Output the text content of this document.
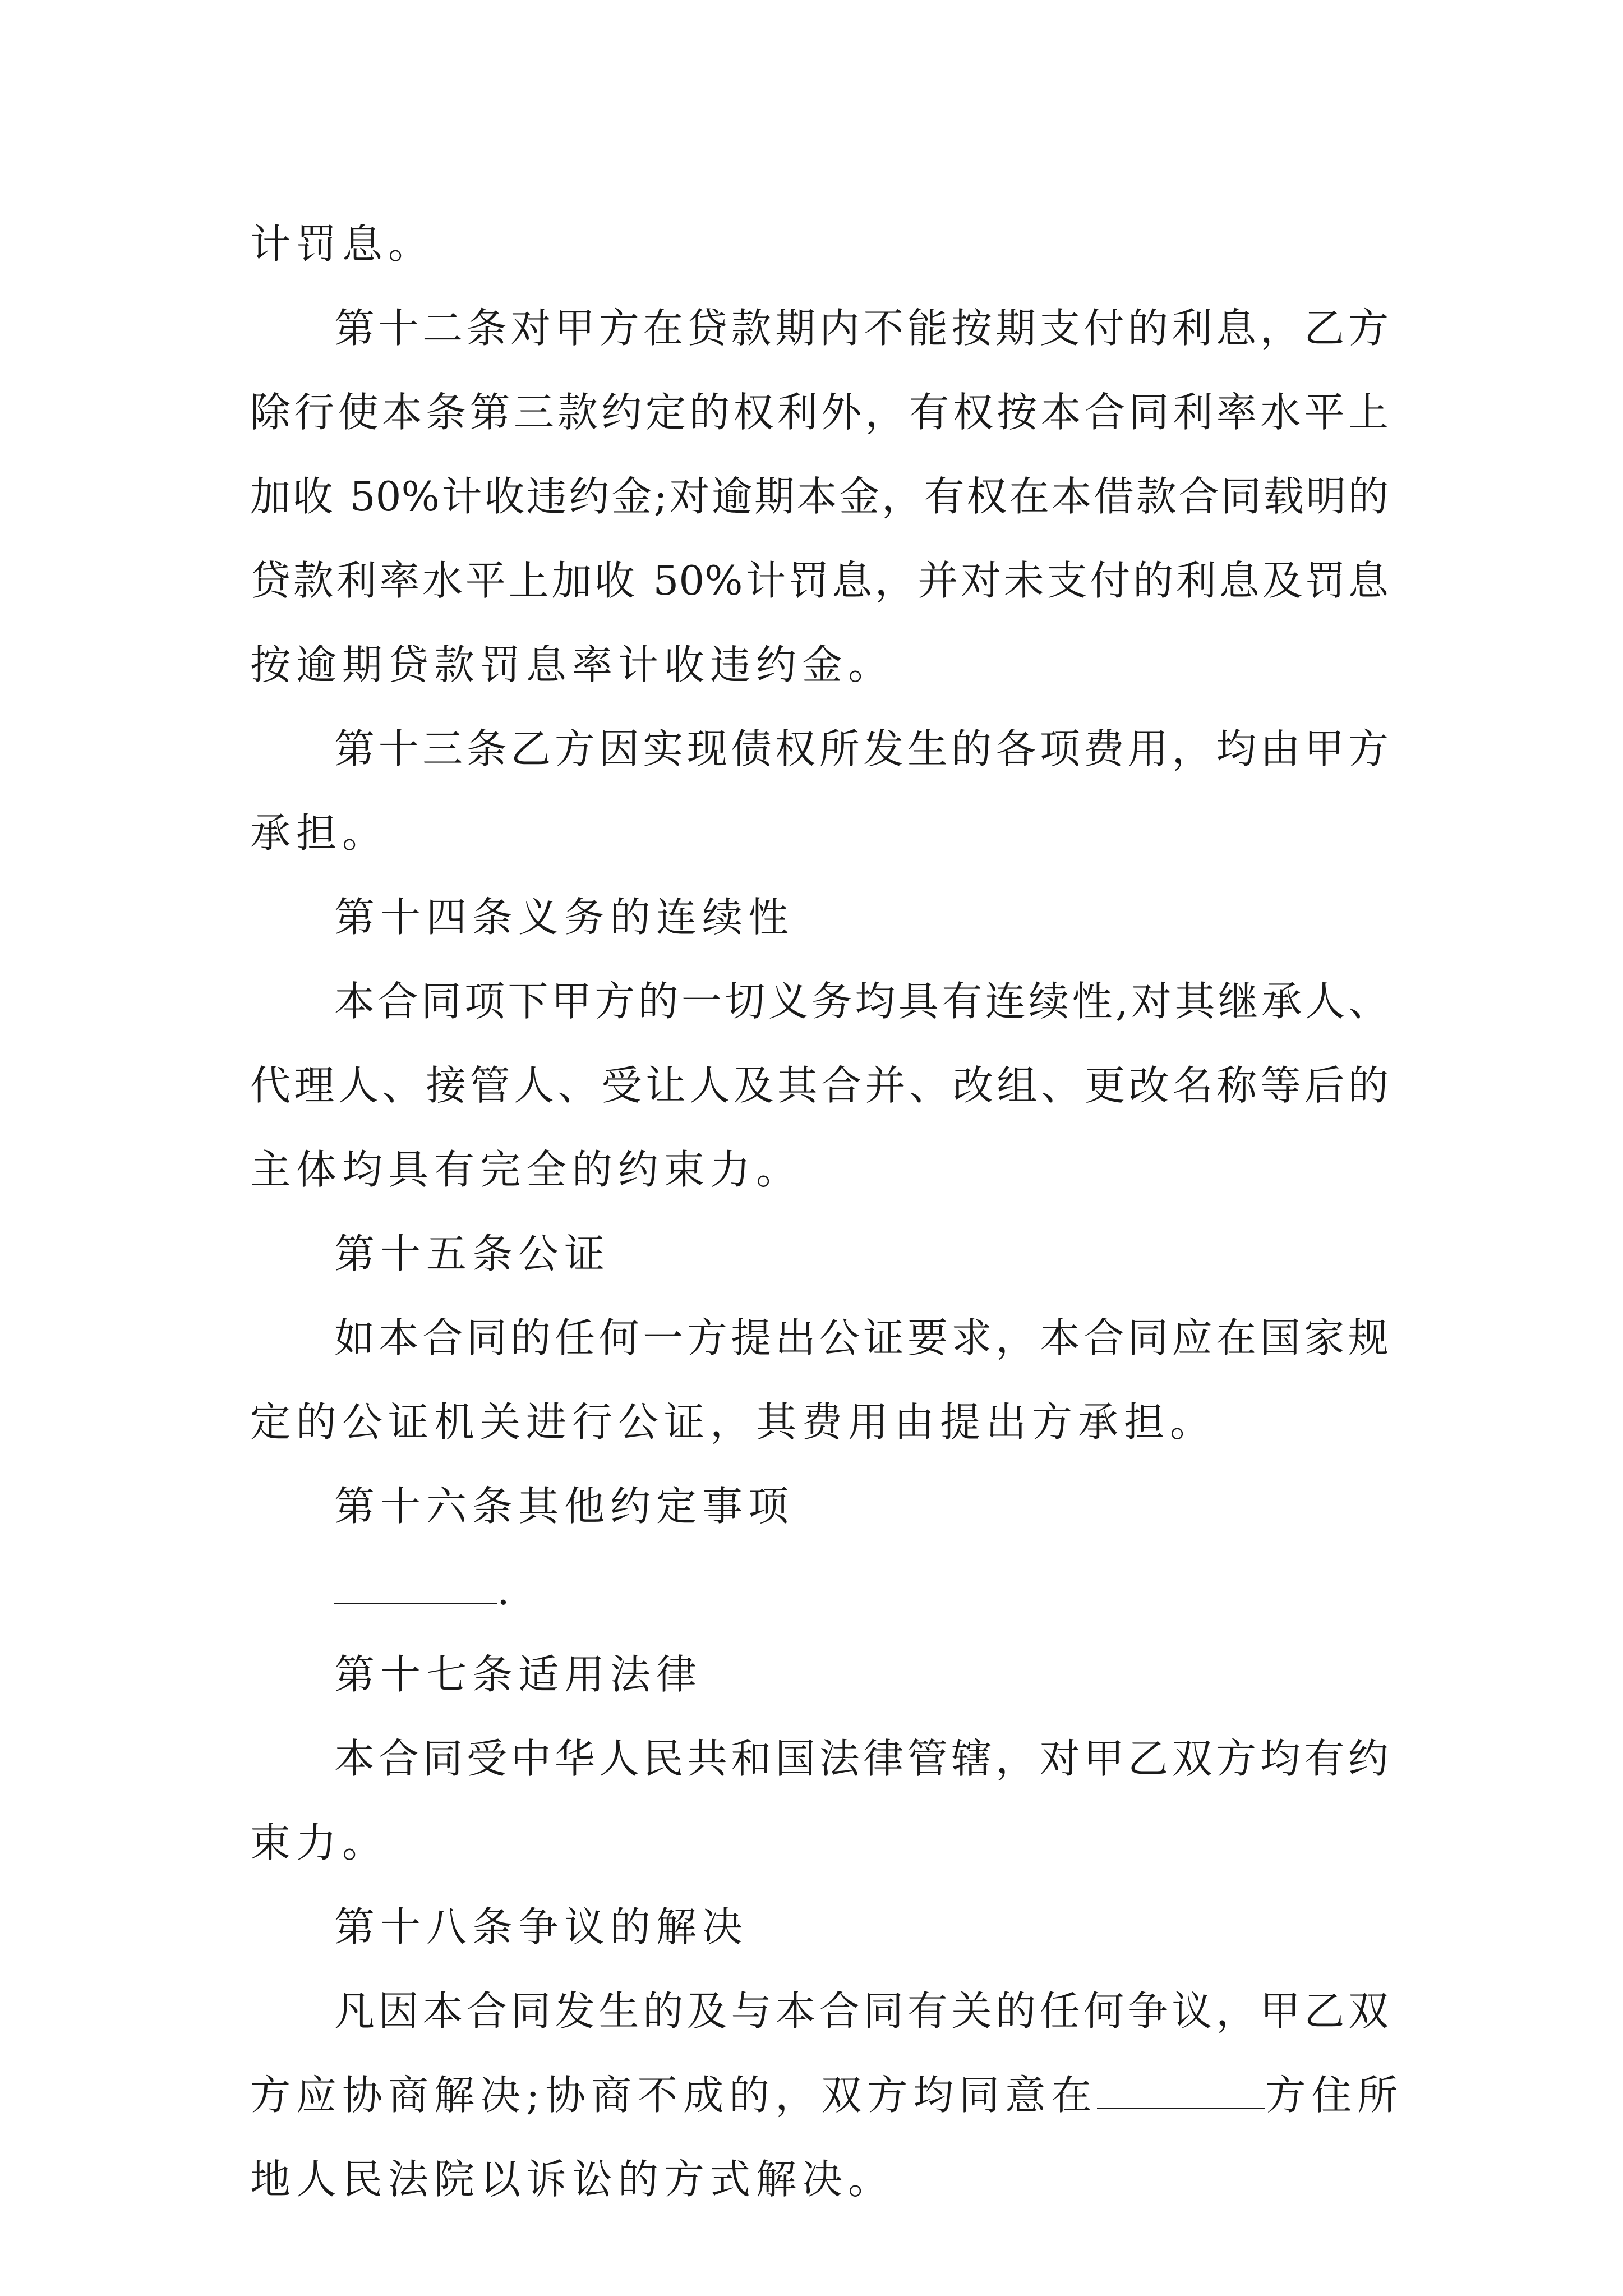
计罚息。
第十二条对甲方在贷款期内不能按期支付的利息，乙方
除行使本条第三款约定的权利外，有权按本合同利率水平上
加收 50%计收违约金;对逾期本金，有权在本借款合同载明的
贷款利率水平上加收 50%计罚息，并对未支付的利息及罚息
按逾期贷款罚息率计收违约金。
第十三条乙方因实现债权所发生的各项费用，均由甲方
承担。
第十四条义务的连续性
本合同项下甲方的一切义务均具有连续性,对其继承人、
代理人、接管人、受让人及其合并、改组、更改名称等后的
主体均具有完全的约束力。
第十五条公证
如本合同的任何一方提出公证要求，本合同应在国家规
定的公证机关进行公证，其费用由提出方承担。
第十六条其他约定事项
.
第十七条适用法律
本合同受中华人民共和国法律管辖，对甲乙双方均有约
束力。
第十八条争议的解决
凡因本合同发生的及与本合同有关的任何争议，甲乙双
方应协商解决;协商不成的，双方均同意在	方住所
地人民法院以诉讼的方式解决。
